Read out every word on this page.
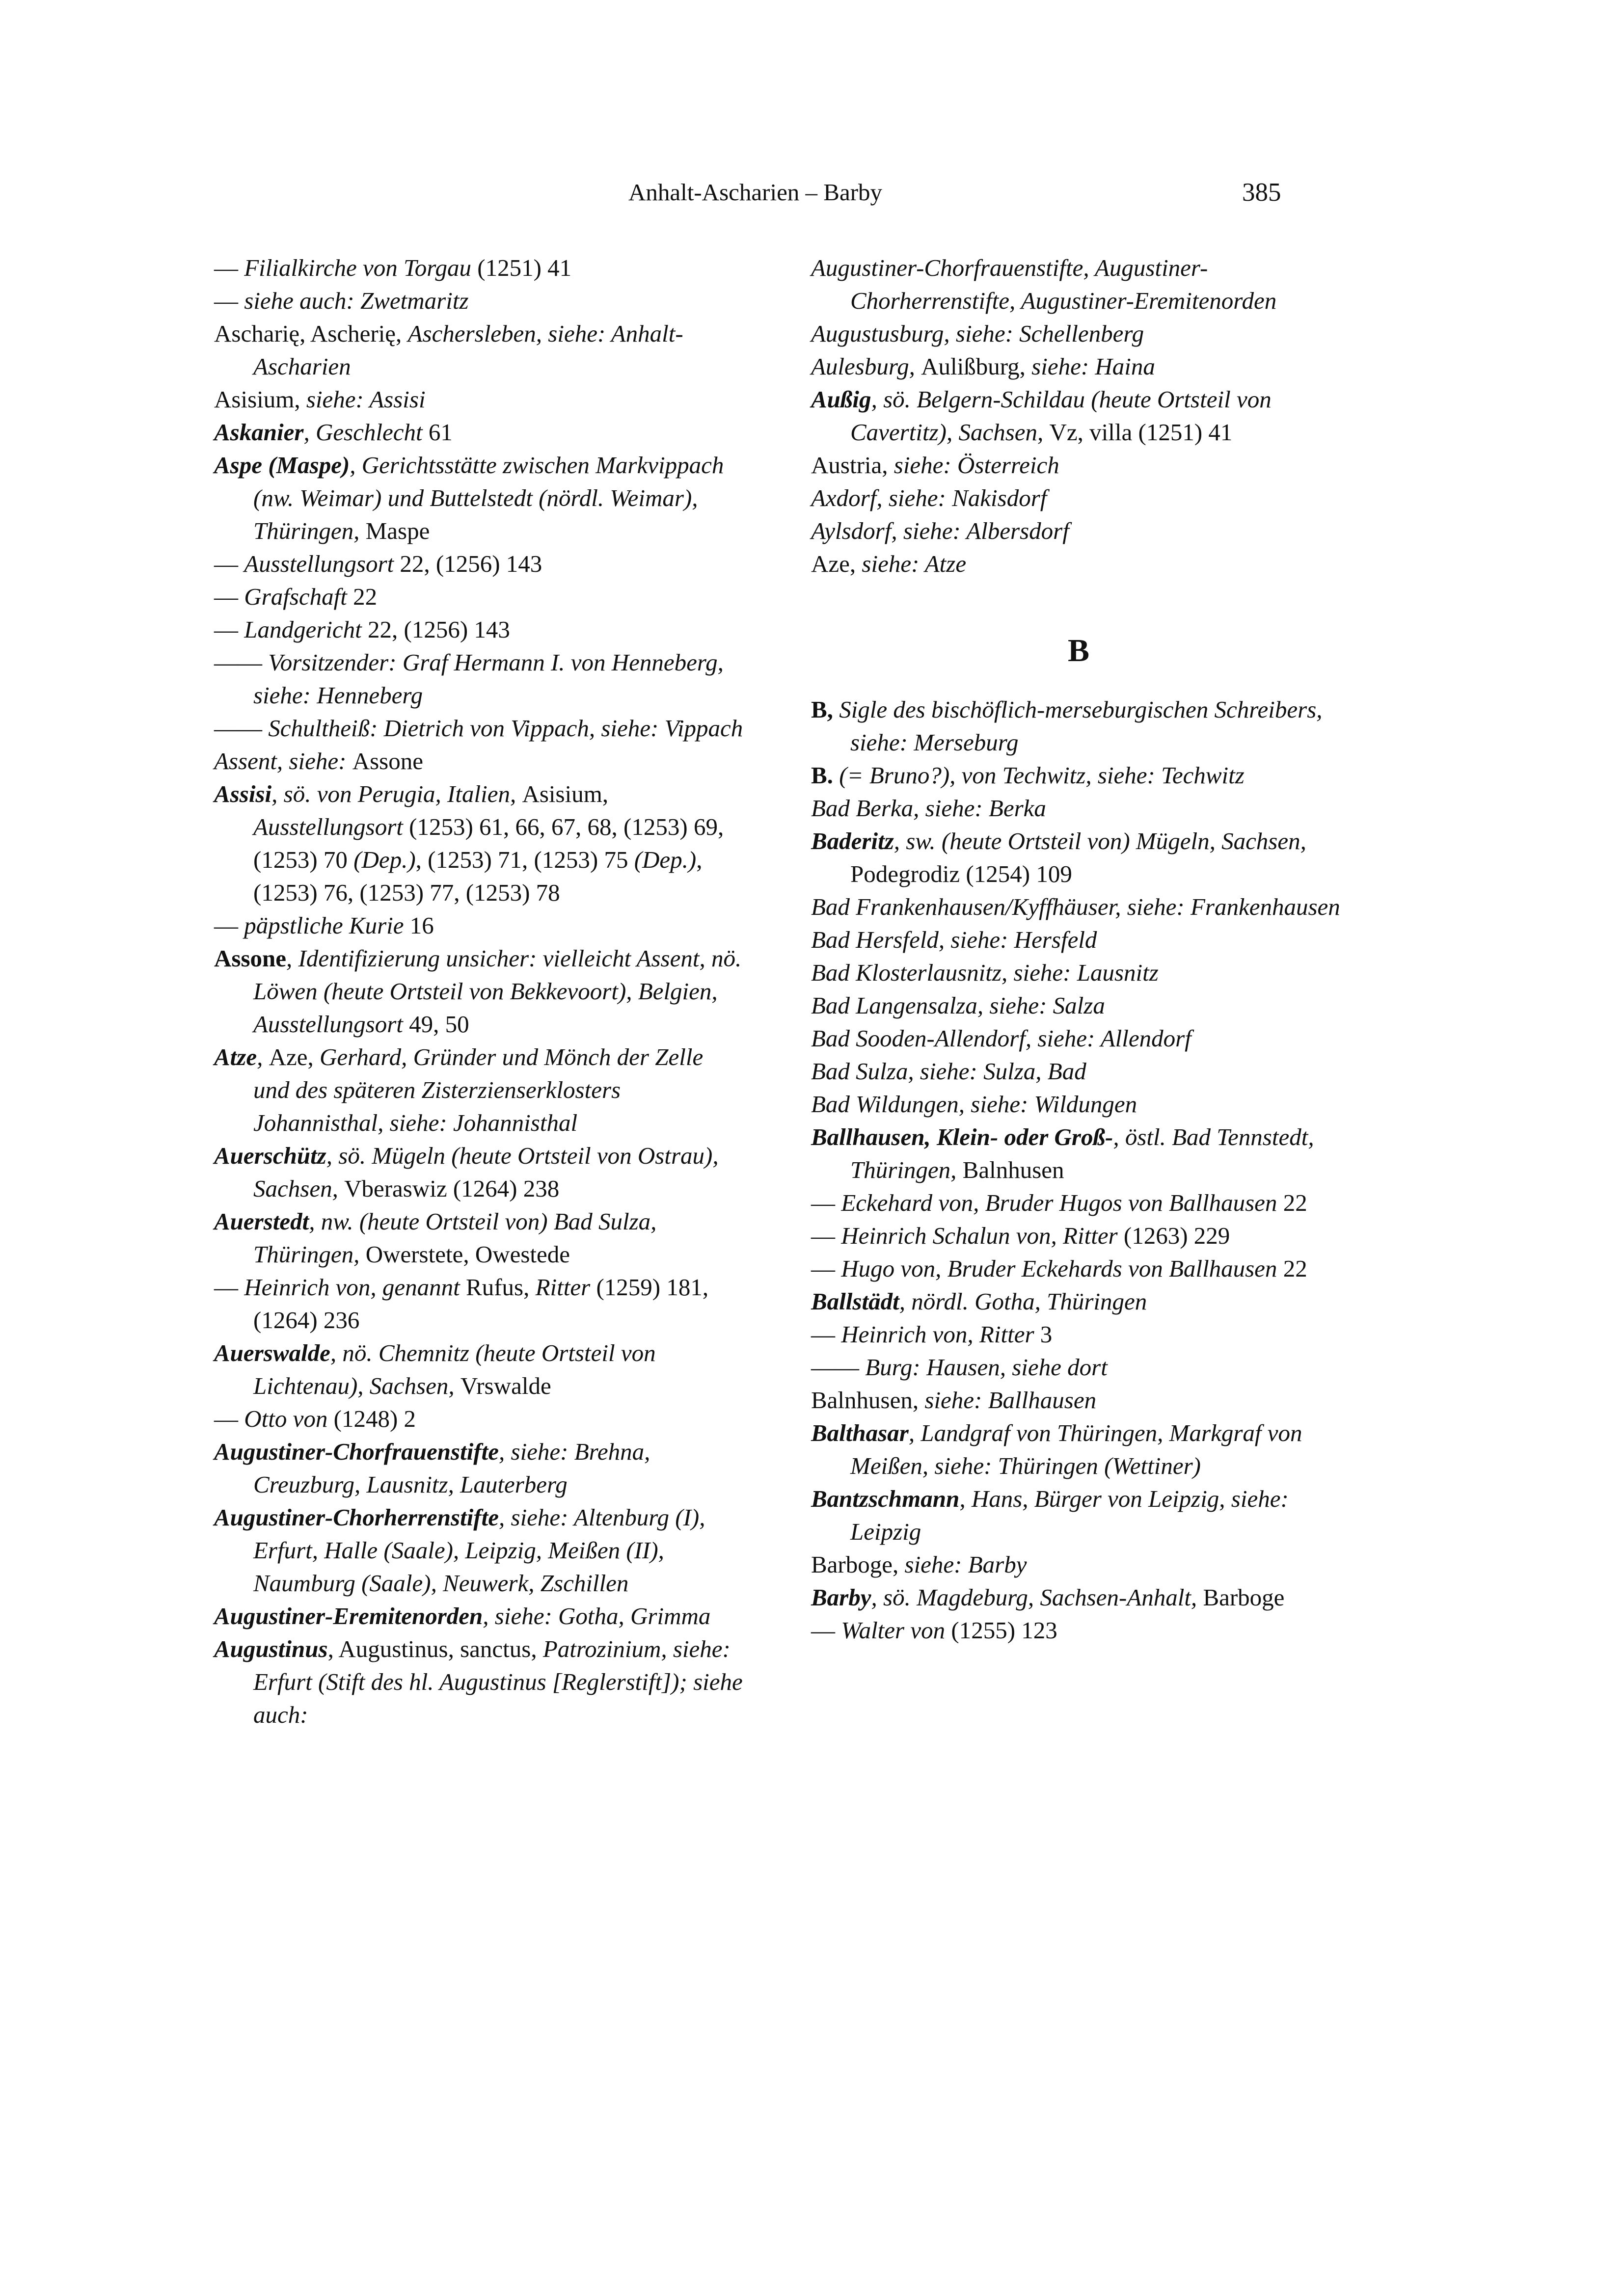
Anhalt-Ascharien – Barby	385

— Filialkirche von Torgau (1251) 41

— siehe auch: Zwetmaritz

Ascharię, Ascherię, Aschersleben, siehe: Anhalt-Ascharien

Asisium, siehe: Assisi

Askanier, Geschlecht 61

Aspe (Maspe), Gerichtsstätte zwischen Markvippach (nw. Weimar) und Buttelstedt (nördl. Weimar), Thüringen, Maspe

— Ausstellungsort 22, (1256) 143

— Grafschaft 22

— Landgericht 22, (1256) 143

—— Vorsitzender: Graf Hermann I. von Henneberg, siehe: Henneberg

—— Schultheiß: Dietrich von Vippach, siehe: Vippach

Assent, siehe: Assone

Assisi, sö. von Perugia, Italien, Asisium, Ausstellungsort (1253) 61, 66, 67, 68, (1253) 69, (1253) 70 (Dep.), (1253) 71, (1253) 75 (Dep.), (1253) 76, (1253) 77, (1253) 78

— päpstliche Kurie 16

Assone, Identifizierung unsicher: vielleicht Assent, nö. Löwen (heute Ortsteil von Bekkevoort), Belgien, Ausstellungsort 49, 50

Atze, Aze, Gerhard, Gründer und Mönch der Zelle und des späteren Zisterzienserklosters Johannisthal, siehe: Johannisthal

Auerschütz, sö. Mügeln (heute Ortsteil von Ostrau), Sachsen, Vberaswiz (1264) 238

Auerstedt, nw. (heute Ortsteil von) Bad Sulza, Thüringen, Owerstete, Owestede

— Heinrich von, genannt Rufus, Ritter (1259) 181, (1264) 236

Auerswalde, nö. Chemnitz (heute Ortsteil von Lichtenau), Sachsen, Vrswalde

— Otto von (1248) 2

Augustiner-Chorfrauenstifte, siehe: Brehna, Creuzburg, Lausnitz, Lauterberg

Augustiner-Chorherrenstifte, siehe: Altenburg (I), Erfurt, Halle (Saale), Leipzig, Meißen (II), Naumburg (Saale), Neuwerk, Zschillen

Augustiner-Eremitenorden, siehe: Gotha, Grimma

Augustinus, Augustinus, sanctus, Patrozinium, siehe: Erfurt (Stift des hl. Augustinus [Reglerstift]); siehe auch:

Augustiner-Chorfrauenstifte, Augustiner-Chorherrenstifte, Augustiner-Eremitenorden

Augustusburg, siehe: Schellenberg

Aulesburg, Aulißburg, siehe: Haina

Außig, sö. Belgern-Schildau (heute Ortsteil von Cavertitz), Sachsen, Vz, villa (1251) 41

Austria, siehe: Österreich

Axdorf, siehe: Nakisdorf

Aylsdorf, siehe: Albersdorf

Aze, siehe: Atze

B

B, Sigle des bischöflich-merseburgischen Schreibers, siehe: Merseburg

B. (= Bruno?), von Techwitz, siehe: Techwitz

Bad Berka, siehe: Berka

Baderitz, sw. (heute Ortsteil von) Mügeln, Sachsen, Podegrodiz (1254) 109

Bad Frankenhausen/Kyffhäuser, siehe: Frankenhausen

Bad Hersfeld, siehe: Hersfeld

Bad Klosterlausnitz, siehe: Lausnitz

Bad Langensalza, siehe: Salza

Bad Sooden-Allendorf, siehe: Allendorf

Bad Sulza, siehe: Sulza, Bad

Bad Wildungen, siehe: Wildungen

Ballhausen, Klein- oder Groß-, östl. Bad Tennstedt, Thüringen, Balnhusen

— Eckehard von, Bruder Hugos von Ballhausen 22

— Heinrich Schalun von, Ritter (1263) 229

— Hugo von, Bruder Eckehards von Ballhausen 22

Ballstädt, nördl. Gotha, Thüringen

— Heinrich von, Ritter 3

—— Burg: Hausen, siehe dort

Balnhusen, siehe: Ballhausen

Balthasar, Landgraf von Thüringen, Markgraf von Meißen, siehe: Thüringen (Wettiner)

Bantzschmann, Hans, Bürger von Leipzig, siehe: Leipzig

Barboge, siehe: Barby

Barby, sö. Magdeburg, Sachsen-Anhalt, Barboge

— Walter von (1255) 123
